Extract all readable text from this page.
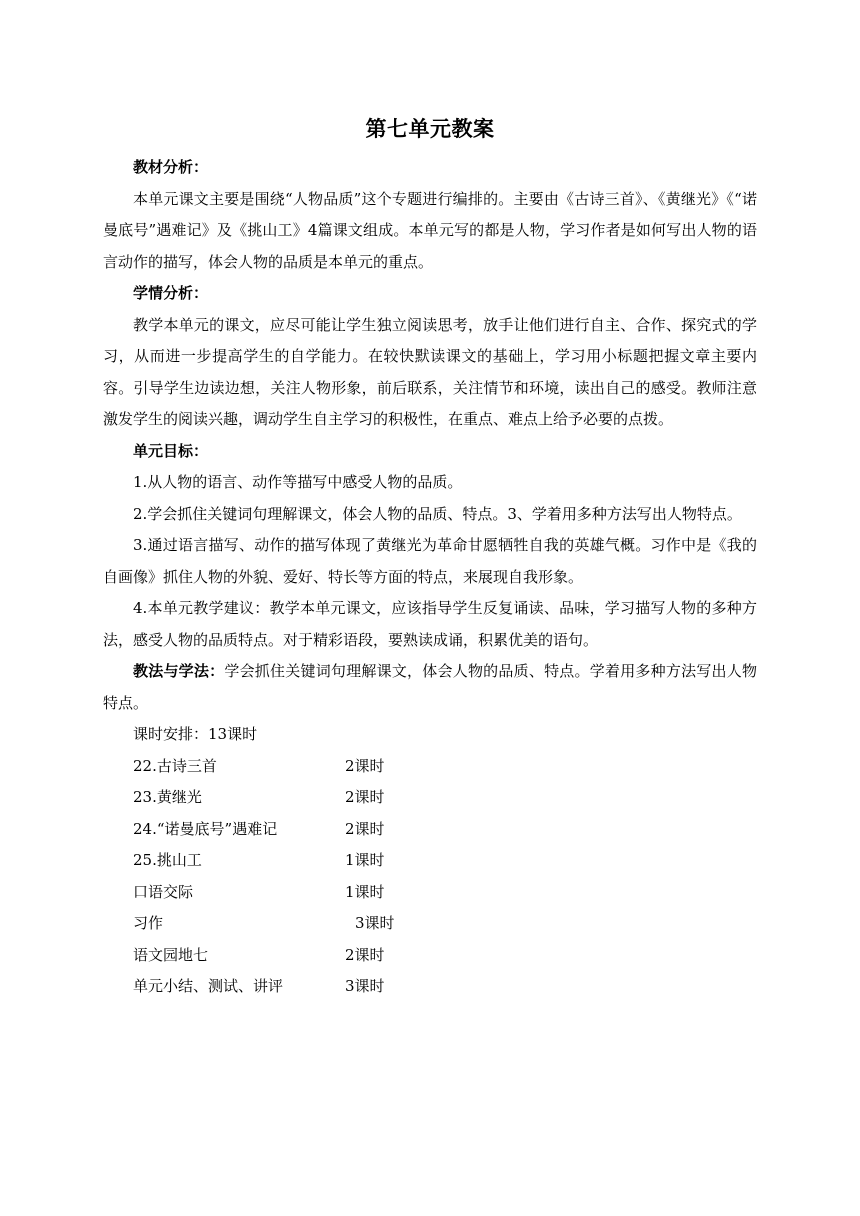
第七单元教案

教材分析：

本单元课文主要是围绕“人物品质”这个专题进行编排的。主要由《古诗三首》、《黄继光》《“诺曼底号”遇难记》及《挑山工》4篇课文组成。本单元写的都是人物，学习作者是如何写出人物的语言动作的描写，体会人物的品质是本单元的重点。

学情分析：

教学本单元的课文，应尽可能让学生独立阅读思考，放手让他们进行自主、合作、探究式的学习，从而进一步提高学生的自学能力。在较快默读课文的基础上，学习用小标题把握文章主要内容。引导学生边读边想，关注人物形象，前后联系，关注情节和环境，读出自己的感受。教师注意激发学生的阅读兴趣，调动学生自主学习的积极性，在重点、难点上给予必要的点拨。

单元目标：

1.从人物的语言、动作等描写中感受人物的品质。

2.学会抓住关键词句理解课文，体会人物的品质、特点。3、学着用多种方法写出人物特点。

3.通过语言描写、动作的描写体现了黄继光为革命甘愿牺牲自我的英雄气概。习作中是《我的自画像》抓住人物的外貌、爱好、特长等方面的特点，来展现自我形象。

4.本单元教学建议：教学本单元课文，应该指导学生反复诵读、品味，学习描写人物的多种方法，感受人物的品质特点。对于精彩语段，要熟读成诵，积累优美的语句。

教法与学法：学会抓住关键词句理解课文，体会人物的品质、特点。学着用多种方法写出人物特点。

课时安排：13课时

22.古诗三首	2课时
23.黄继光	2课时
24.“诺曼底号”遇难记	2课时
25.挑山工	1课时
口语交际	1课时
习作	3课时
语文园地七	2课时
单元小结、测试、讲评	3课时
